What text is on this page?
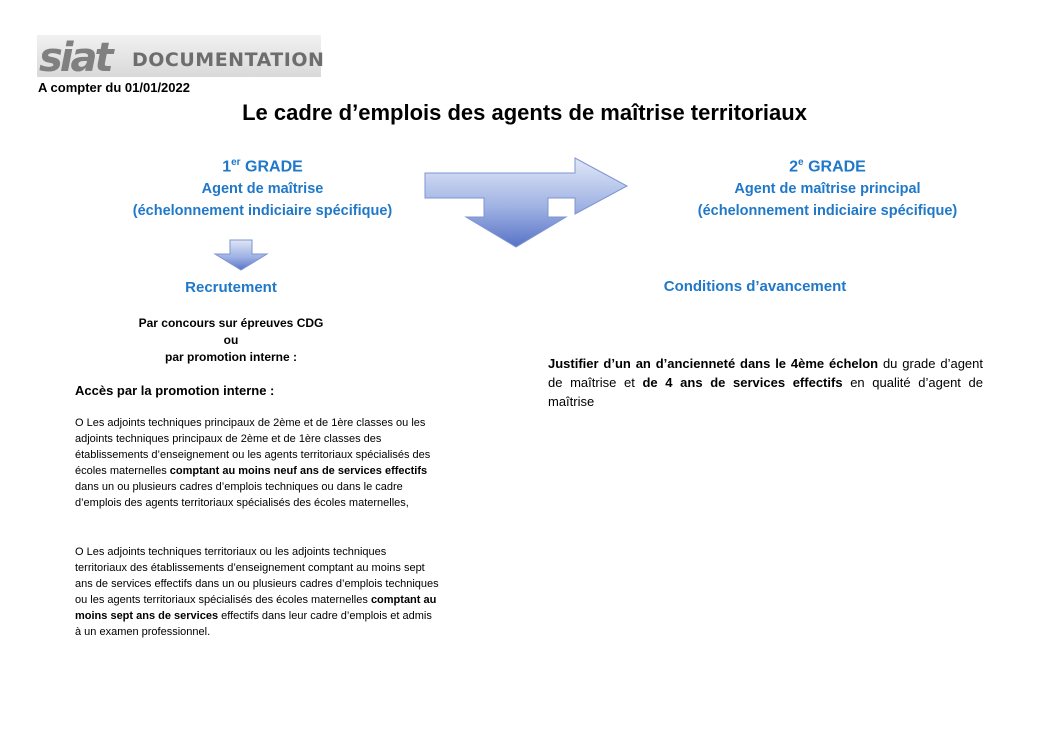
siat DOCUMENTATION
A compter du 01/01/2022
Le cadre d’emplois des agents de maîtrise territoriaux
1er GRADE
Agent de maîtrise
(échelonnement indiciaire spécifique)
2e GRADE
Agent de maîtrise principal
(échelonnement indiciaire spécifique)
Recrutement
Par concours sur épreuves CDG
ou
par promotion interne :
Accès par la promotion interne :
O Les adjoints techniques principaux de 2ème et de 1ère classes ou les adjoints techniques principaux de 2ème et de 1ère classes des établissements d’enseignement ou les agents territoriaux spécialisés des écoles maternelles comptant au moins neuf ans de services effectifs dans un ou plusieurs cadres d’emplois techniques ou dans le cadre d’emplois des agents territoriaux spécialisés des écoles maternelles,
O Les adjoints techniques territoriaux ou les adjoints techniques territoriaux des établissements d’enseignement comptant au moins sept ans de services effectifs dans un ou plusieurs cadres d’emplois techniques ou les agents territoriaux spécialisés des écoles maternelles comptant au moins sept ans de services effectifs dans leur cadre d’emplois et admis à un examen professionnel.
Conditions d’avancement
Justifier d’un an d’ancienneté dans le 4ème échelon du grade d’agent de maîtrise et de 4 ans de services effectifs en qualité d’agent de maîtrise
